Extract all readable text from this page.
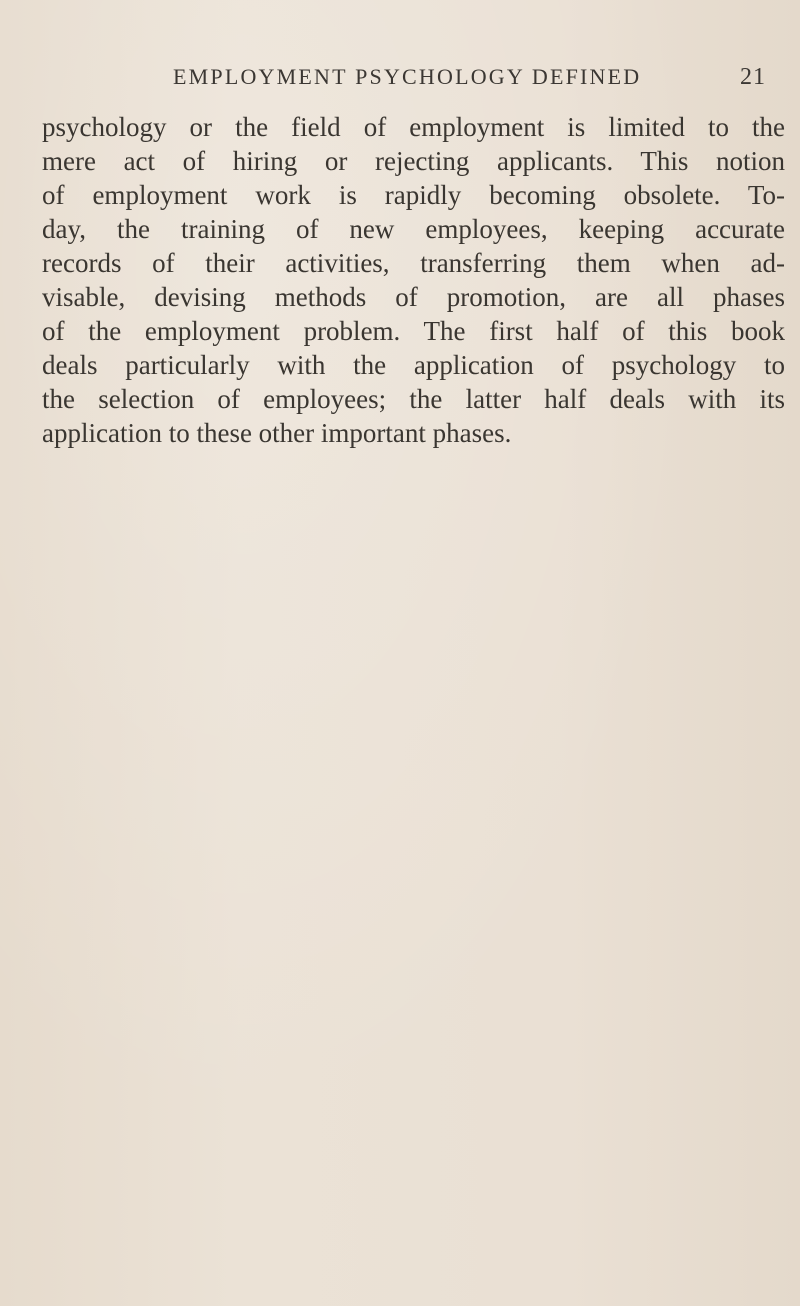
EMPLOYMENT PSYCHOLOGY DEFINED	21
psychology or the field of employment is limited to the
mere act of hiring or rejecting applicants. This notion
of employment work is rapidly becoming obsolete. To-
day, the training of new employees, keeping accurate
records of their activities, transferring them when ad-
visable, devising methods of promotion, are all phases
of the employment problem. The first half of this book
deals particularly with the application of psychology to
the selection of employees; the latter half deals with its
application to these other important phases.
